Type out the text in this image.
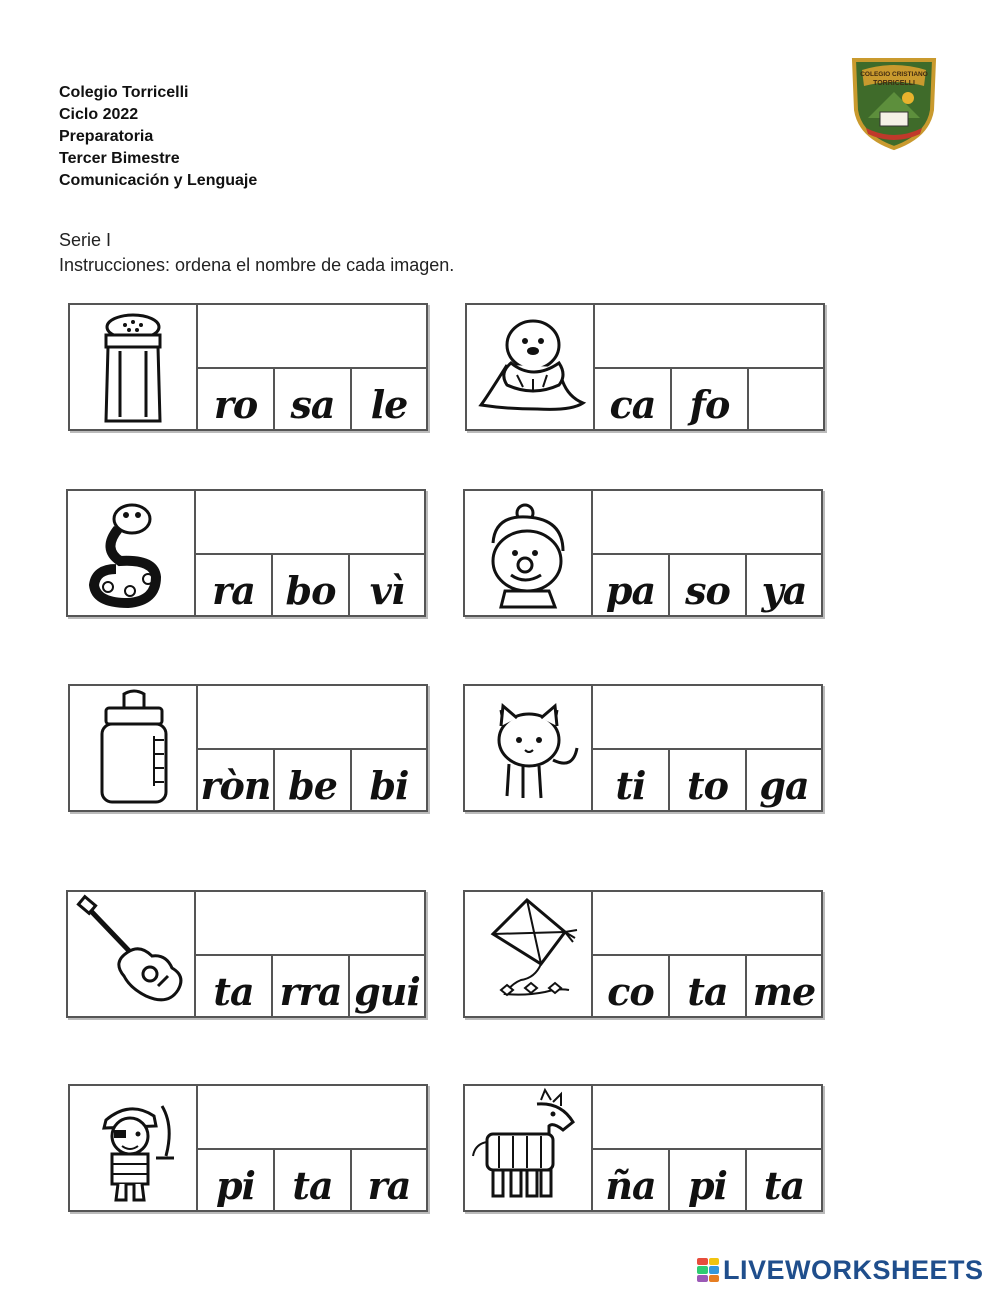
Colegio Torricelli
Ciclo 2022
Preparatoria
Tercer Bimestre
Comunicación y Lenguaje
COLEGIO CRISTIANO
TORRICELLI
Serie I
Instrucciones: ordena el nombre de cada imagen.
ro sa le	ca fo
ra bo vì	pa so ya
ròn be bi	ti	to ga
ta rra gui	co ta me
pi ta ra	ña pi ta
LIVEWORKSHEETS
